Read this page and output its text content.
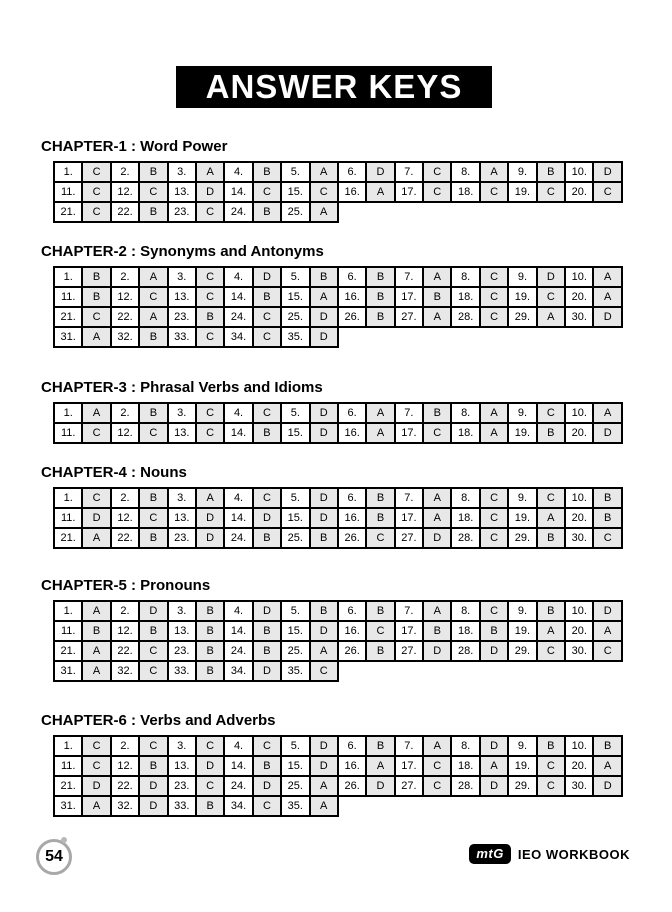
ANSWER KEYS
CHAPTER-1 : Word Power
1.	C	2.	B	3.	A	4.	B	5.	A	6.	D	7.	C	8.	A	9.	B	10.	D
11.	C	12.	C	13.	D	14.	C	15.	C	16.	A	17.	C	18.	C	19.	C	20.	C
21.	C	22.	B	23.	C	24.	B	25.	A										
CHAPTER-2 : Synonyms and Antonyms
1.	B	2.	A	3.	C	4.	D	5.	B	6.	B	7.	A	8.	C	9.	D	10.	A
11.	B	12.	C	13.	C	14.	B	15.	A	16.	B	17.	B	18.	C	19.	C	20.	A
21.	C	22.	A	23.	B	24.	C	25.	D	26.	B	27.	A	28.	C	29.	A	30.	D
31.	A	32.	B	33.	C	34.	C	35.	D										
CHAPTER-3 : Phrasal Verbs and Idioms
1.	A	2.	B	3.	C	4.	C	5.	D	6.	A	7.	B	8.	A	9.	C	10.	A
11.	C	12.	C	13.	C	14.	B	15.	D	16.	A	17.	C	18.	A	19.	B	20.	D
CHAPTER-4 : Nouns
1.	C	2.	B	3.	A	4.	C	5.	D	6.	B	7.	A	8.	C	9.	C	10.	B
11.	D	12.	C	13.	D	14.	D	15.	D	16.	B	17.	A	18.	C	19.	A	20.	B
21.	A	22.	B	23.	D	24.	B	25.	B	26.	C	27.	D	28.	C	29.	B	30.	C
CHAPTER-5 : Pronouns
1.	A	2.	D	3.	B	4.	D	5.	B	6.	B	7.	A	8.	C	9.	B	10.	D
11.	B	12.	B	13.	B	14.	B	15.	D	16.	C	17.	B	18.	B	19.	A	20.	A
21.	A	22.	C	23.	B	24.	B	25.	A	26.	B	27.	D	28.	D	29.	C	30.	C
31.	A	32.	C	33.	B	34.	D	35.	C										
CHAPTER-6 : Verbs and Adverbs
1.	C	2.	C	3.	C	4.	C	5.	D	6.	B	7.	A	8.	D	9.	B	10.	B
11.	C	12.	B	13.	D	14.	B	15.	D	16.	A	17.	C	18.	A	19.	C	20.	A
21.	D	22.	D	23.	C	24.	D	25.	A	26.	D	27.	C	28.	D	29.	C	30.	D
31.	A	32.	D	33.	B	34.	C	35.	A										
54	mtG	IEO WORKBOOK
